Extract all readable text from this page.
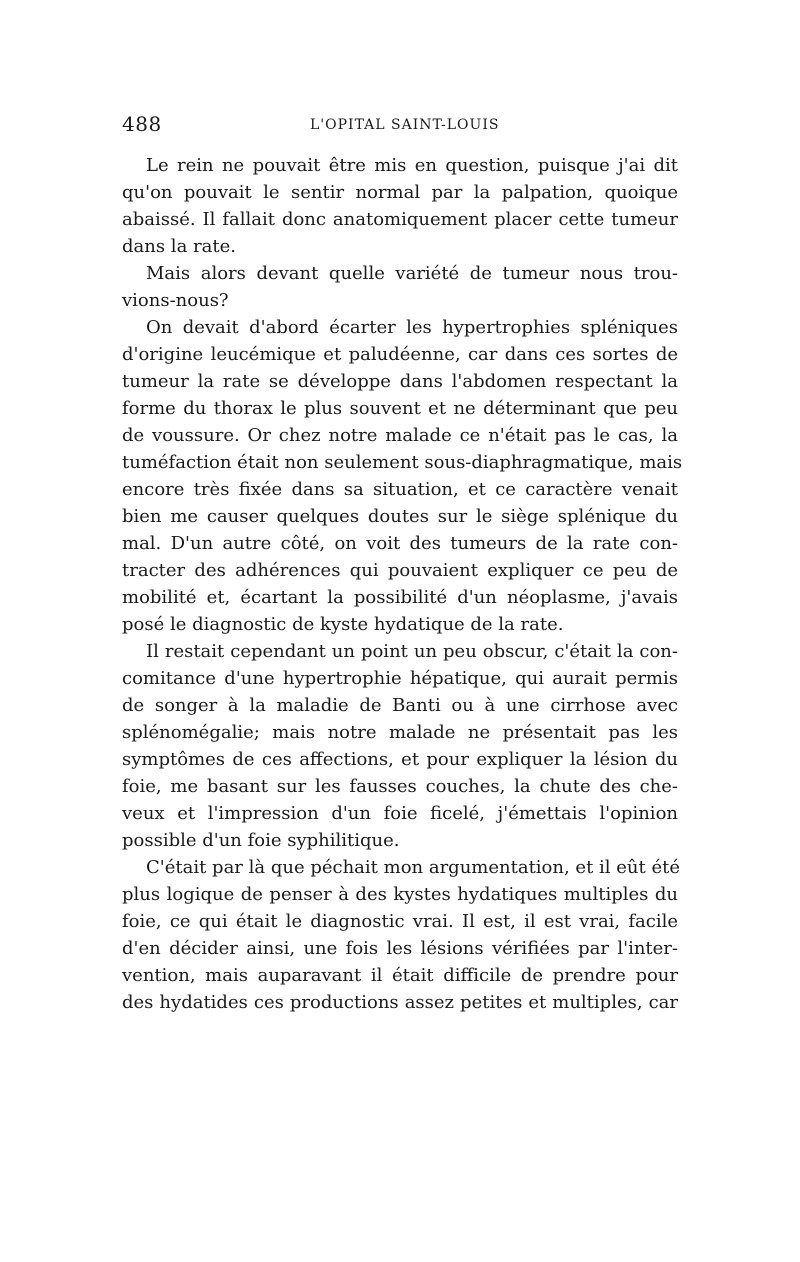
488	L'OPITAL SAINT-LOUIS
Le rein ne pouvait être mis en question, puisque j'ai dit
qu'on pouvait le sentir normal par la palpation, quoique
abaissé. Il fallait donc anatomiquement placer cette tumeur
dans la rate.
Mais alors devant quelle variété de tumeur nous trou-
vions-nous?
On devait d'abord écarter les hypertrophies spléniques
d'origine leucémique et paludéenne, car dans ces sortes de
tumeur la rate se développe dans l'abdomen respectant la
forme du thorax le plus souvent et ne déterminant que peu
de voussure. Or chez notre malade ce n'était pas le cas, la
tuméfaction était non seulement sous-diaphragmatique, mais
encore très fixée dans sa situation, et ce caractère venait
bien me causer quelques doutes sur le siège splénique du
mal. D'un autre côté, on voit des tumeurs de la rate con-
tracter des adhérences qui pouvaient expliquer ce peu de
mobilité et, écartant la possibilité d'un néoplasme, j'avais
posé le diagnostic de kyste hydatique de la rate.
Il restait cependant un point un peu obscur, c'était la con-
comitance d'une hypertrophie hépatique, qui aurait permis
de songer à la maladie de Banti ou à une cirrhose avec
splénomégalie; mais notre malade ne présentait pas les
symptômes de ces affections, et pour expliquer la lésion du
foie, me basant sur les fausses couches, la chute des che-
veux et l'impression d'un foie ficelé, j'émettais l'opinion
possible d'un foie syphilitique.
C'était par là que péchait mon argumentation, et il eût été
plus logique de penser à des kystes hydatiques multiples du
foie, ce qui était le diagnostic vrai. Il est, il est vrai, facile
d'en décider ainsi, une fois les lésions vérifiées par l'inter-
vention, mais auparavant il était difficile de prendre pour
des hydatides ces productions assez petites et multiples, car
